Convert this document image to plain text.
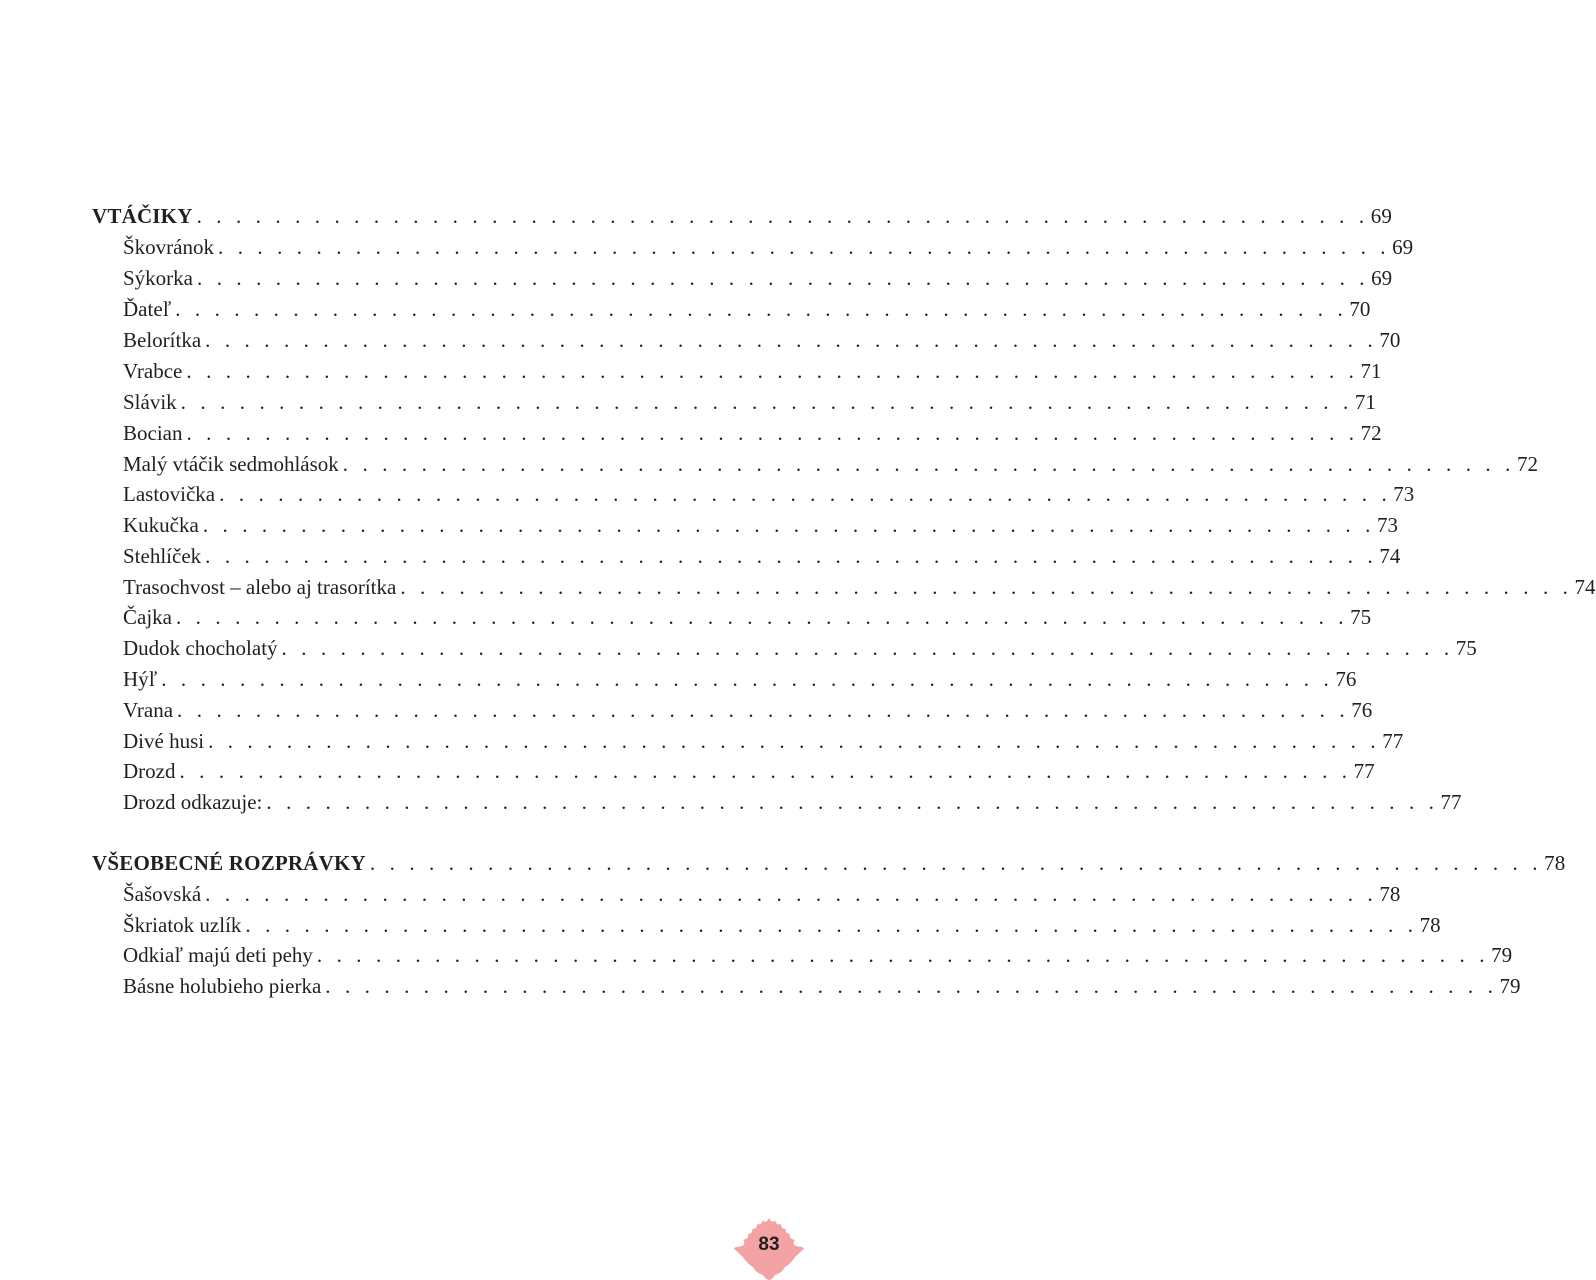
VTÁČIKY . . . . . . . . . . . . . . . . . . . . . . . . . . . . . . . . . . . . . . . . . . . . . . . . . . . . . . . . . . . . 69
Škovránok . . . . . . . . . . . . . . . . . . . . . . . . . . . . . . . . . . . . . . . . . . . . . . . . . . . . . . . . . . . . 69
Sýkorka . . . . . . . . . . . . . . . . . . . . . . . . . . . . . . . . . . . . . . . . . . . . . . . . . . . . . . . . . . . . 69
Ďateľ . . . . . . . . . . . . . . . . . . . . . . . . . . . . . . . . . . . . . . . . . . . . . . . . . . . . . . . . . . . . 70
Belorítka . . . . . . . . . . . . . . . . . . . . . . . . . . . . . . . . . . . . . . . . . . . . . . . . . . . . . . . . . . . . 70
Vrabce . . . . . . . . . . . . . . . . . . . . . . . . . . . . . . . . . . . . . . . . . . . . . . . . . . . . . . . . . . . . 71
Slávik . . . . . . . . . . . . . . . . . . . . . . . . . . . . . . . . . . . . . . . . . . . . . . . . . . . . . . . . . . . . 71
Bocian . . . . . . . . . . . . . . . . . . . . . . . . . . . . . . . . . . . . . . . . . . . . . . . . . . . . . . . . . . . . 72
Malý vtáčik sedmohlások . . . . . . . . . . . . . . . . . . . . . . . . . . . . . . . . . . . . . . . . . . . . . . . . . . . . . . . . . . . . 72
Lastovička . . . . . . . . . . . . . . . . . . . . . . . . . . . . . . . . . . . . . . . . . . . . . . . . . . . . . . . . . . . . 73
Kukučka . . . . . . . . . . . . . . . . . . . . . . . . . . . . . . . . . . . . . . . . . . . . . . . . . . . . . . . . . . . . 73
Stehlíček . . . . . . . . . . . . . . . . . . . . . . . . . . . . . . . . . . . . . . . . . . . . . . . . . . . . . . . . . . . . 74
Trasochvost – alebo aj trasorítka . . . . . . . . . . . . . . . . . . . . . . . . . . . . . . . . . . . . . . . . . . . . . . . . . . . . . . . . . . . . 74
Čajka . . . . . . . . . . . . . . . . . . . . . . . . . . . . . . . . . . . . . . . . . . . . . . . . . . . . . . . . . . . . 75
Dudok chocholatý . . . . . . . . . . . . . . . . . . . . . . . . . . . . . . . . . . . . . . . . . . . . . . . . . . . . . . . . . . . . 75
Hýľ . . . . . . . . . . . . . . . . . . . . . . . . . . . . . . . . . . . . . . . . . . . . . . . . . . . . . . . . . . . . 76
Vrana . . . . . . . . . . . . . . . . . . . . . . . . . . . . . . . . . . . . . . . . . . . . . . . . . . . . . . . . . . . . 76
Divé husi . . . . . . . . . . . . . . . . . . . . . . . . . . . . . . . . . . . . . . . . . . . . . . . . . . . . . . . . . . . . 77
Drozd . . . . . . . . . . . . . . . . . . . . . . . . . . . . . . . . . . . . . . . . . . . . . . . . . . . . . . . . . . . . 77
Drozd odkazuje: . . . . . . . . . . . . . . . . . . . . . . . . . . . . . . . . . . . . . . . . . . . . . . . . . . . . . . . . . . . . 77
VŠEOBECNÉ ROZPRÁVKY . . . . . . . . . . . . . . . . . . . . . . . . . . . . . . . . . . . . . . . . . . . . . . . . . . . . . . . . . . . . 78
Šašovská . . . . . . . . . . . . . . . . . . . . . . . . . . . . . . . . . . . . . . . . . . . . . . . . . . . . . . . . . . . . 78
Škriatok uzlík . . . . . . . . . . . . . . . . . . . . . . . . . . . . . . . . . . . . . . . . . . . . . . . . . . . . . . . . . . . . 78
Odkiaľ majú deti pehy . . . . . . . . . . . . . . . . . . . . . . . . . . . . . . . . . . . . . . . . . . . . . . . . . . . . . . . . . . . . 79
Básne holubieho pierka . . . . . . . . . . . . . . . . . . . . . . . . . . . . . . . . . . . . . . . . . . . . . . . . . . . . . . . . . . . . 79
83
